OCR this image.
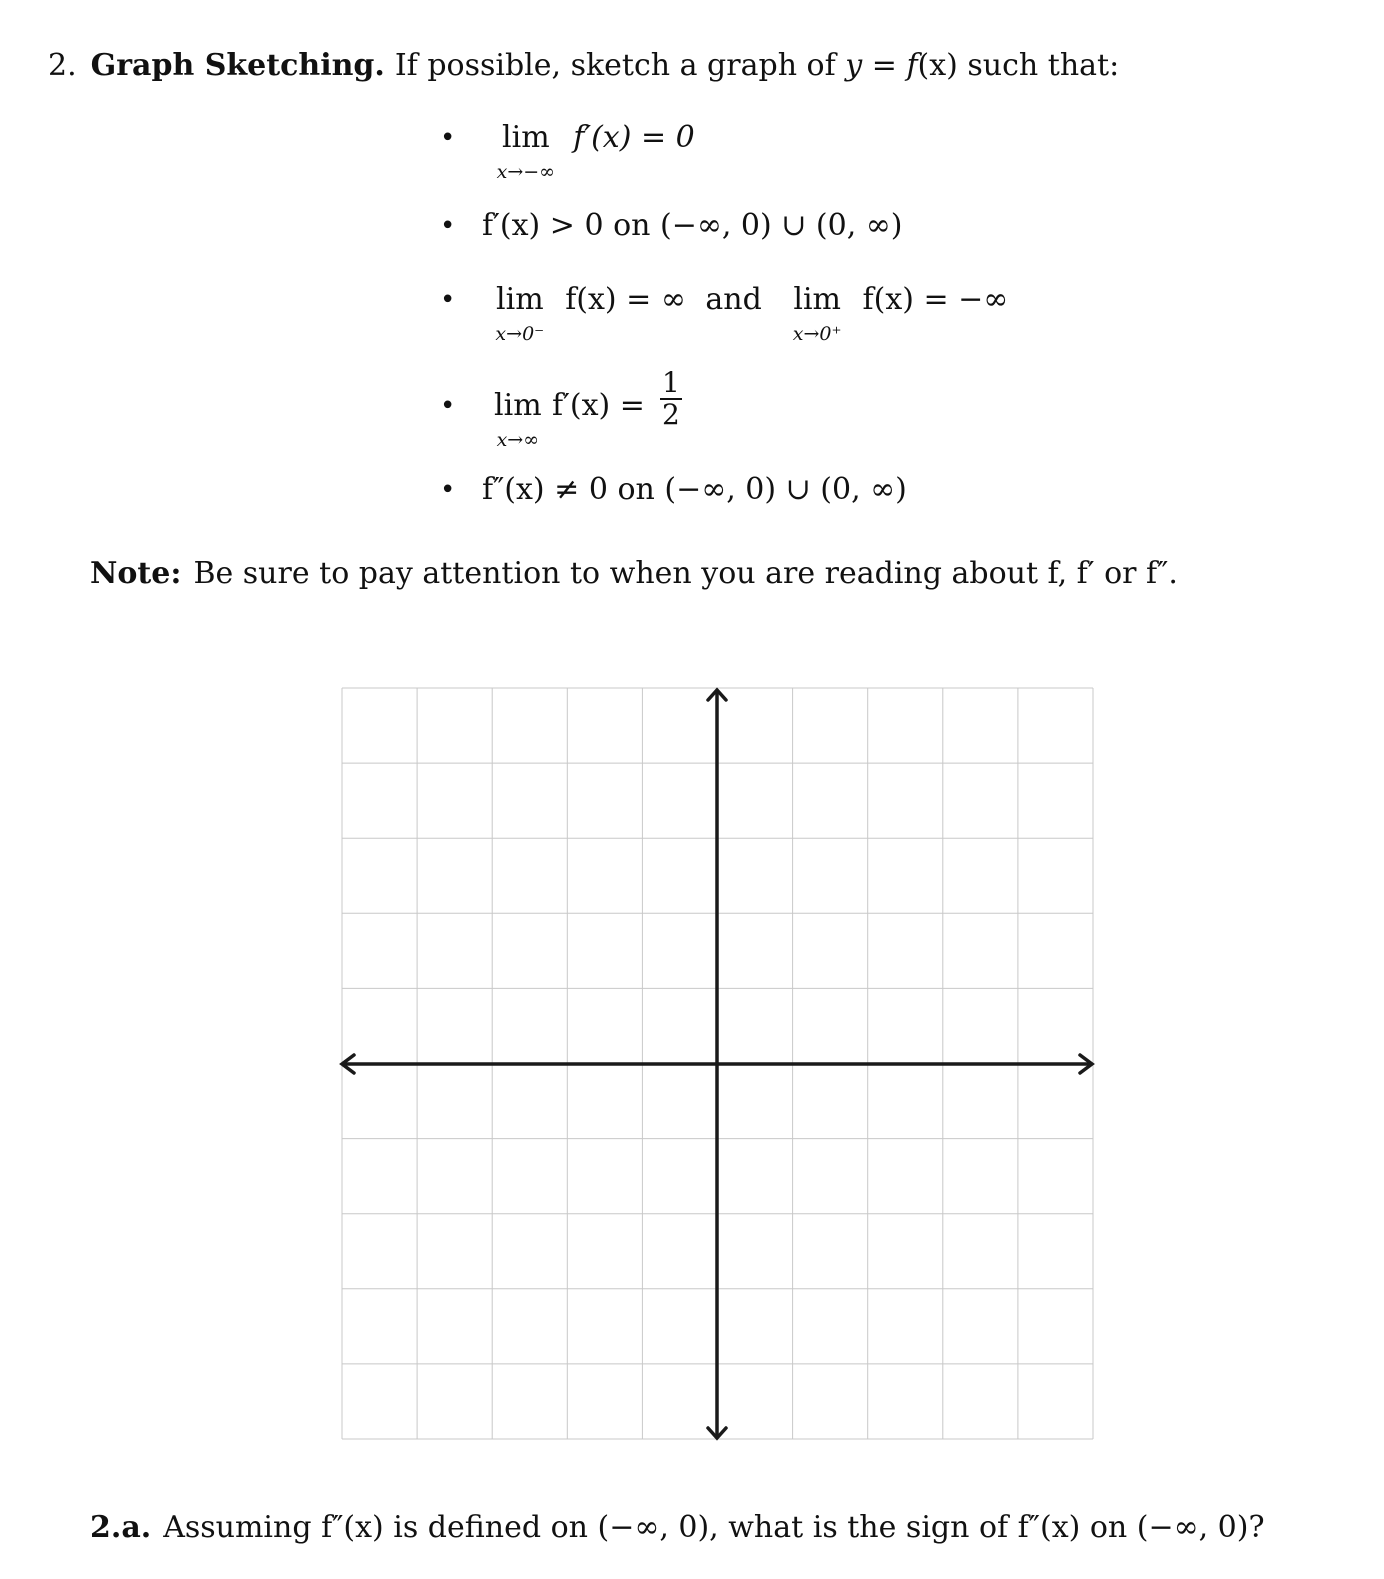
2. Graph Sketching. If possible, sketch a graph of y = f(x) such that:
• lim
x→−∞
f′(x) = 0
• f′(x) > 0 on (−∞, 0) ∪ (0, ∞)
• lim
x→0⁻
f(x) = ∞ and lim
x→0⁺
f(x) = −∞
• lim
x→∞
$f'(x) = \frac{1}{2}$
• f″(x) ≠ 0 on (−∞, 0) ∪ (0, ∞)
Note: Be sure to pay attention to when you are reading about f, f′ or f″.
2.a. Assuming f″(x) is defined on (−∞, 0), what is the sign of f″(x) on (−∞, 0)?
